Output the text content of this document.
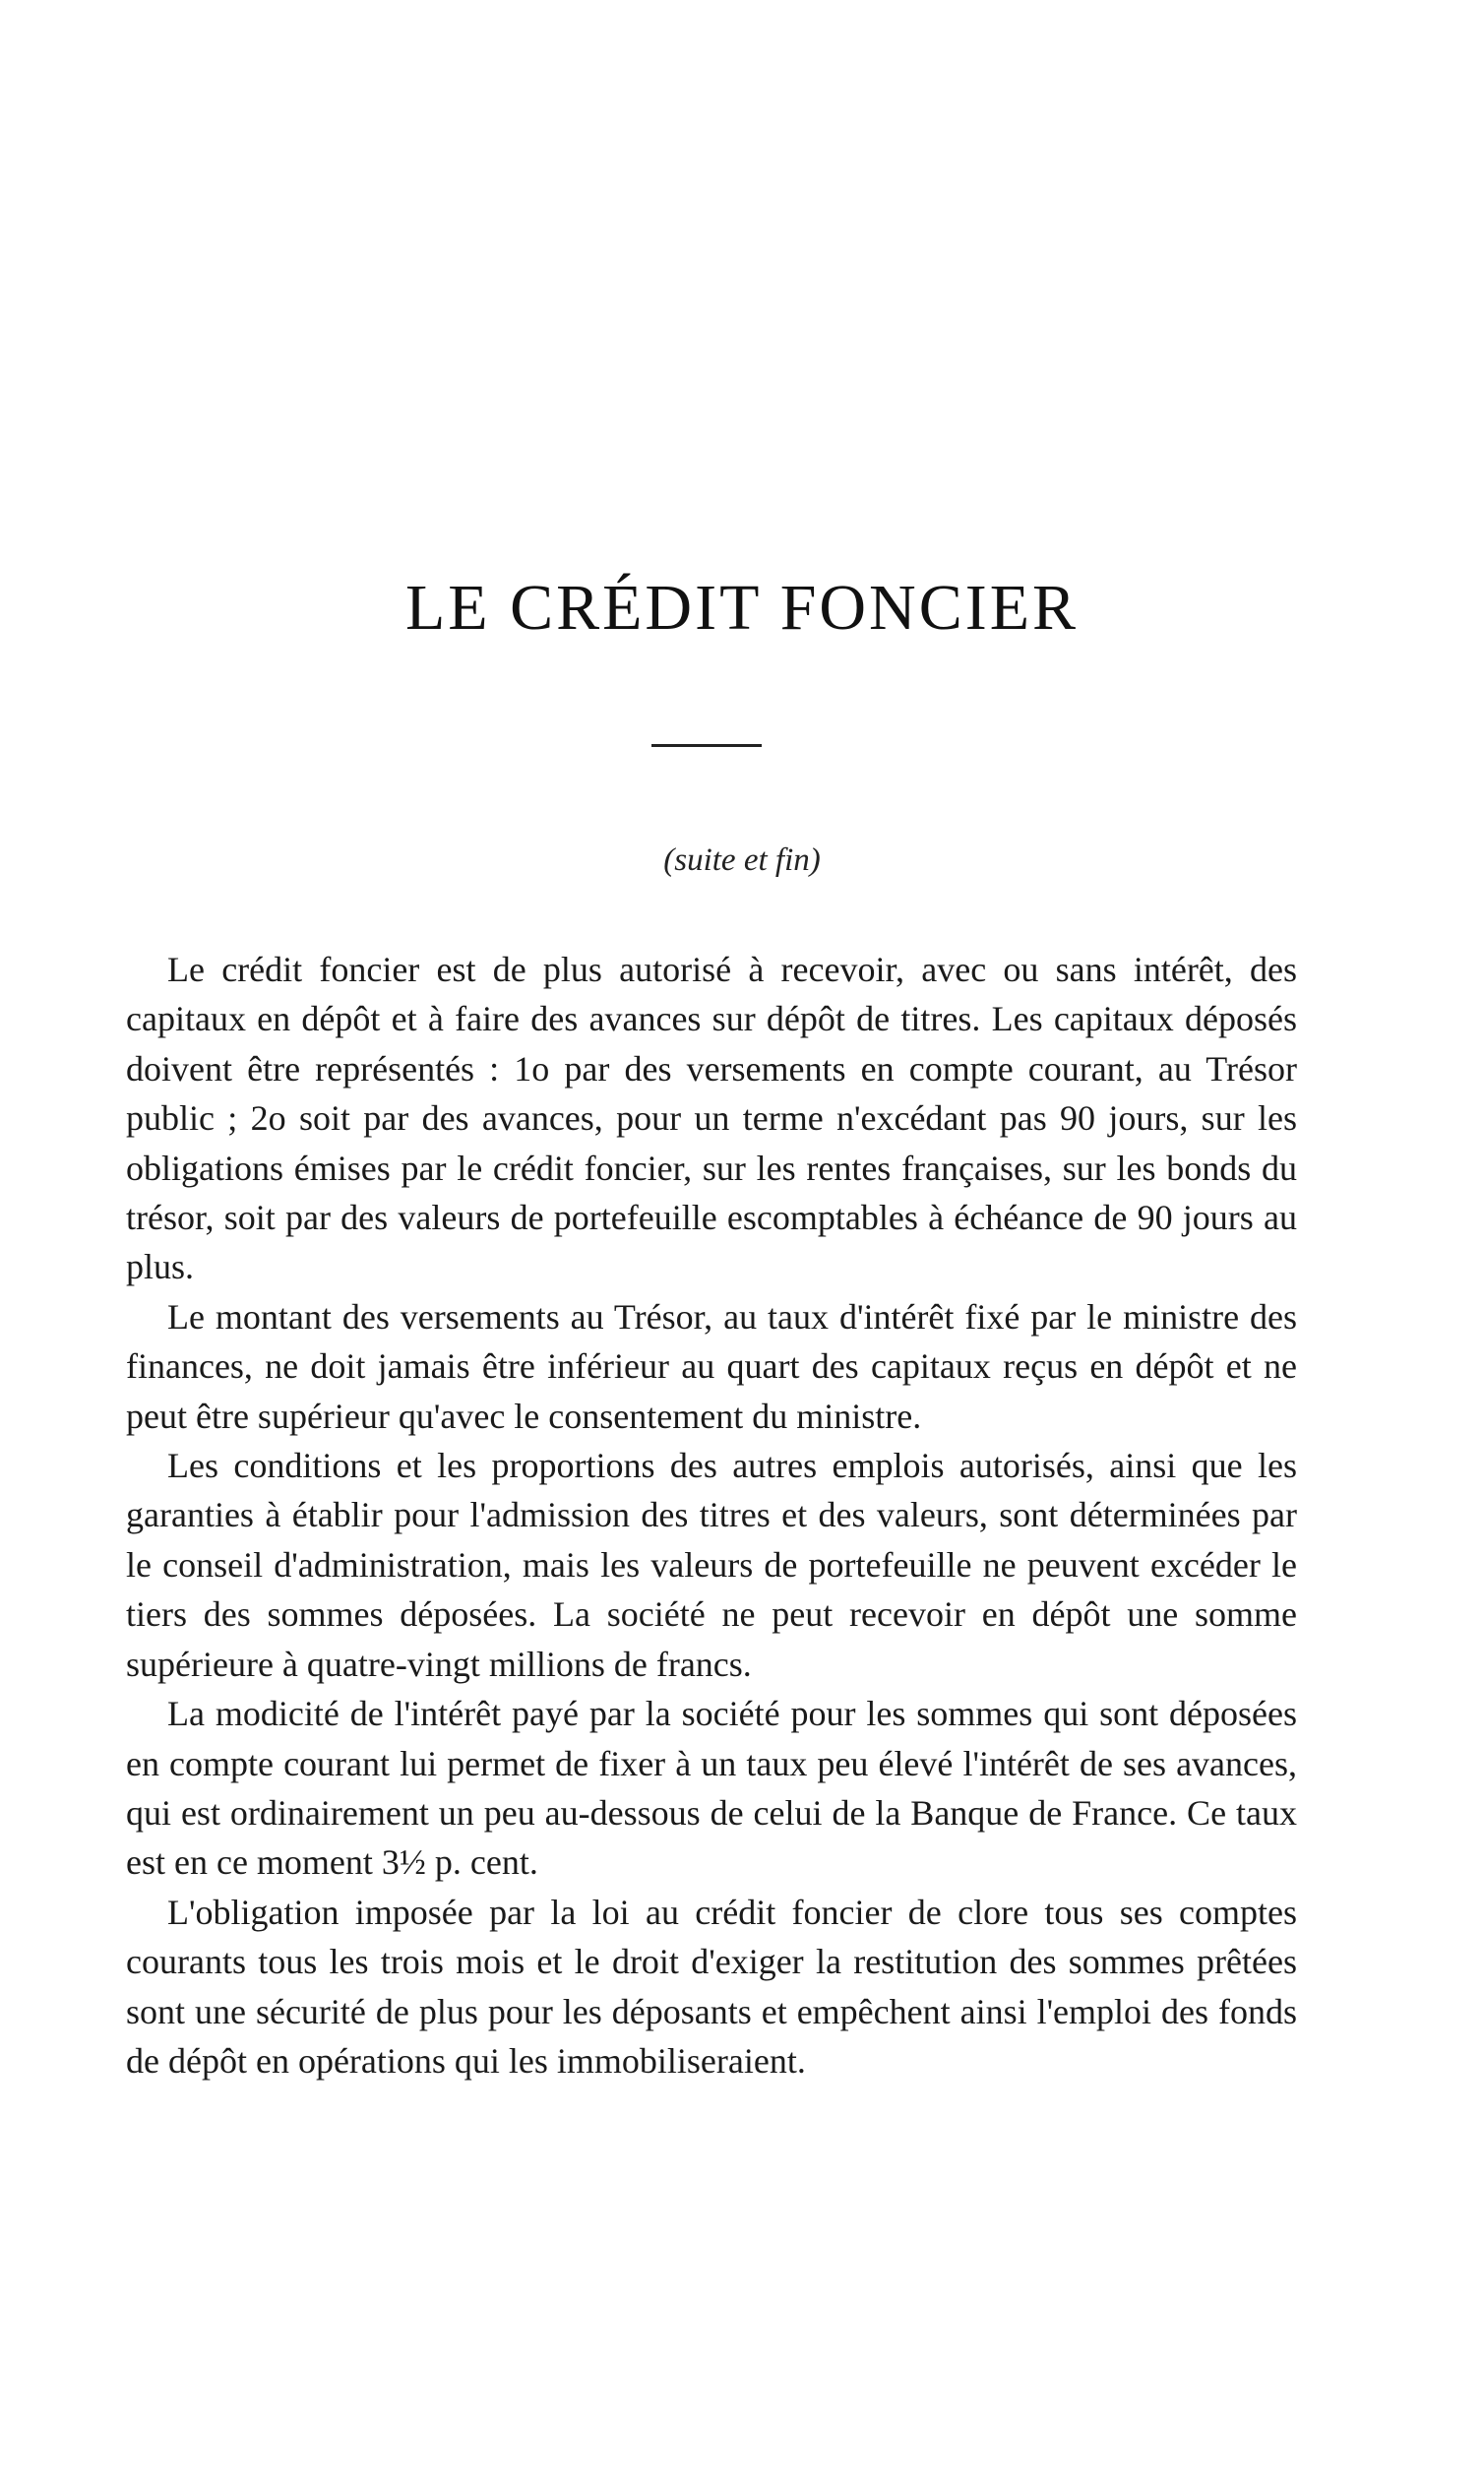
LE CRÉDIT FONCIER
(suite et fin)

Le crédit foncier est de plus autorisé à recevoir, avec ou sans intérêt, des capitaux en dépôt et à faire des avances sur dépôt de titres. Les capitaux déposés doivent être représentés : 1o par des versements en compte courant, au Trésor public ; 2o soit par des avances, pour un terme n'excédant pas 90 jours, sur les obligations émises par le crédit foncier, sur les rentes françaises, sur les bonds du trésor, soit par des valeurs de portefeuille escomptables à échéance de 90 jours au plus.

Le montant des versements au Trésor, au taux d'intérêt fixé par le ministre des finances, ne doit jamais être inférieur au quart des capitaux reçus en dépôt et ne peut être supérieur qu'avec le consentement du ministre.

Les conditions et les proportions des autres emplois autorisés, ainsi que les garanties à établir pour l'admission des titres et des valeurs, sont déterminées par le conseil d'administration, mais les valeurs de portefeuille ne peuvent excéder le tiers des sommes déposées. La société ne peut recevoir en dépôt une somme supérieure à quatre-vingt millions de francs.

La modicité de l'intérêt payé par la société pour les sommes qui sont déposées en compte courant lui permet de fixer à un taux peu élevé l'intérêt de ses avances, qui est ordinairement un peu au-dessous de celui de la Banque de France. Ce taux est en ce moment 3½ p. cent.

L'obligation imposée par la loi au crédit foncier de clore tous ses comptes courants tous les trois mois et le droit d'exiger la restitution des sommes prêtées sont une sécurité de plus pour les déposants et empêchent ainsi l'emploi des fonds de dépôt en opérations qui les immobiliseraient.
